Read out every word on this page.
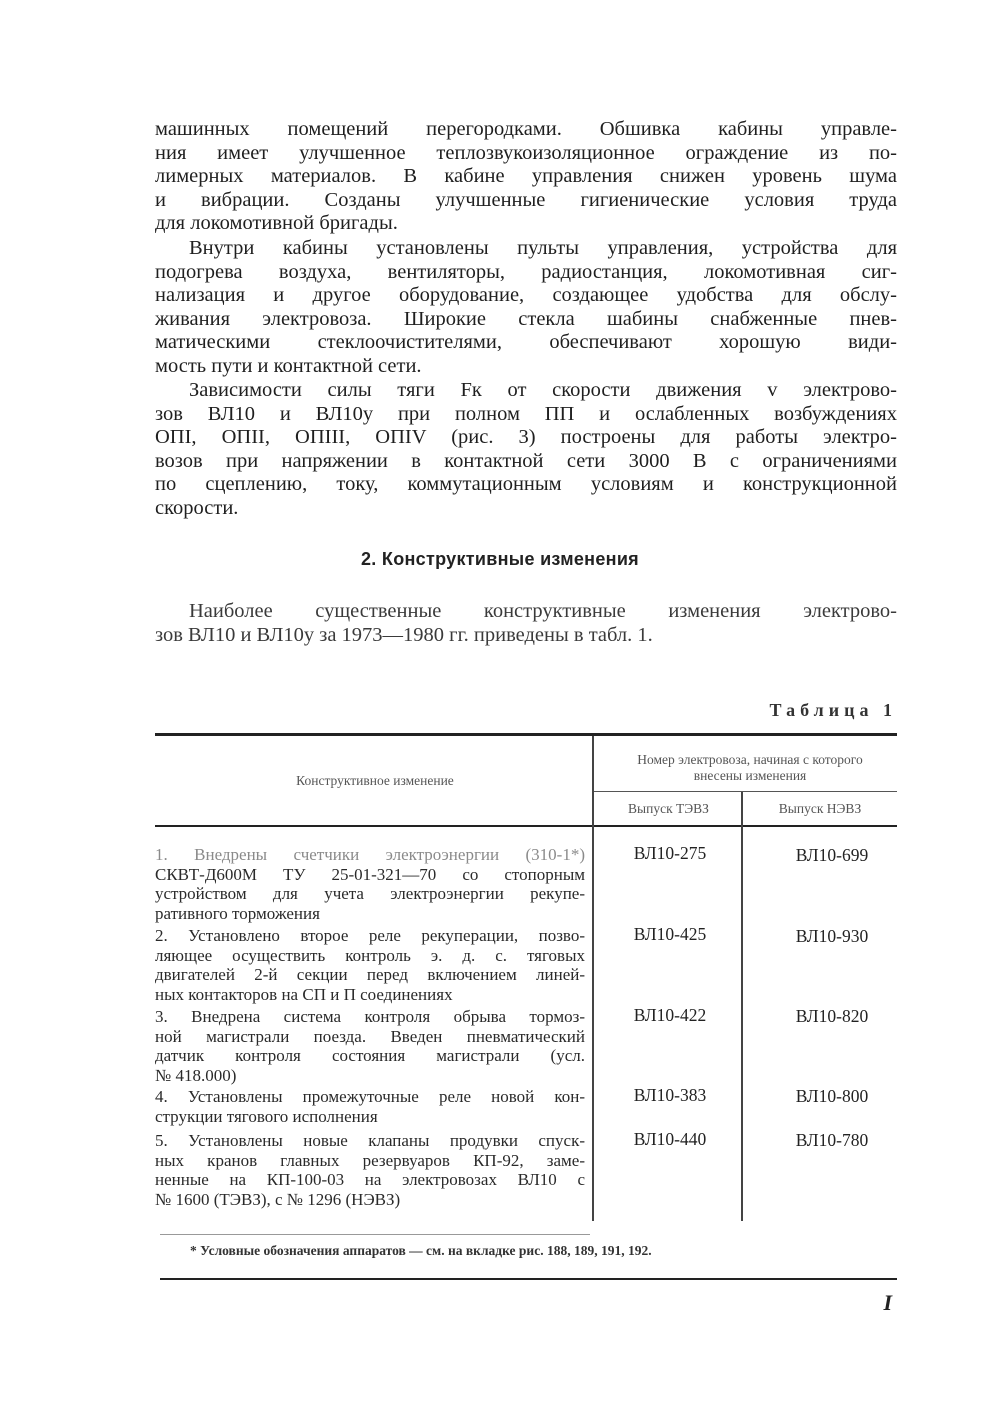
машинных помещений перегородками. Обшивка кабины управле-
ния имеет улучшенное теплозвукоизоляционное ограждение из по-
лимерных материалов. В кабине управления снижен уровень шума
и вибрации. Созданы улучшенные гигиенические условия труда
для локомотивной бригады.
Внутри кабины установлены пульты управления, устройства для
подогрева воздуха, вентиляторы, радиостанция, локомотивная сиг-
нализация и другое оборудование, создающее удобства для обслу-
живания электровоза. Широкие стекла шабины снабженные пнев-
матическими стеклоочистителями, обеспечивают хорошую види-
мость пути и контактной сети.
Зависимости силы тяги Fк от скорости движения v электрово-
зов ВЛ10 и ВЛ10у при полном ПП и ослабленных возбуждениях
ОПI, ОПII, ОПIII, ОПIV (рис. 3) построены для работы электро-
возов при напряжении в контактной сети 3000 В с ограничениями
по сцеплению, току, коммутационным условиям и конструкционной
скорости.
2. Конструктивные изменения
Наиболее существенные конструктивные изменения электрово-
зов ВЛ10 и ВЛ10у за 1973—1980 гг. приведены в табл. 1.
Таблица 1
Конструктивное изменение
Номер электровоза, начиная с которого внесены изменения
Выпуск ТЭВЗ	Выпуск НЭВЗ
1. Внедрены счетчики электроэнергии (310-1*)
СКВТ-Д600М ТУ 25-01-321—70 со стопорным
устройством для учета электроэнергии рекупе-
ративного торможения
ВЛ10-275	ВЛ10-699
2. Установлено второе реле рекуперации, позво-
ляющее осуществить контроль э. д. с. тяговых
двигателей 2-й секции перед включением линей-
ных контакторов на СП и П соединениях
ВЛ10-425	ВЛ10-930
3. Внедрена система контроля обрыва тормоз-
ной магистрали поезда. Введен пневматический
датчик контроля состояния магистрали (усл.
№ 418.000)
ВЛ10-422	ВЛ10-820
4. Установлены промежуточные реле новой кон-
струкции тягового исполнения
ВЛ10-383	ВЛ10-800
5. Установлены новые клапаны продувки спуск-
ных кранов главных резервуаров КП-92, заме-
ненные на КП-100-03 на электровозах ВЛ10 с
№ 1600 (ТЭВЗ), с № 1296 (НЭВЗ)
ВЛ10-440	ВЛ10-780
* Условные обозначения аппаратов — см. на вкладке рис. 188, 189, 191, 192.
I
